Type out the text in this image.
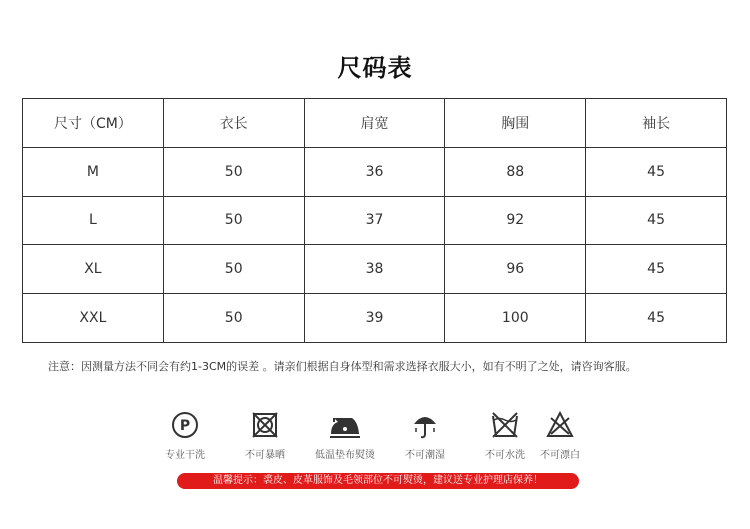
尺码表
尺寸（CM）	衣长	肩宽	胸围	袖长
M	50	36	88	45
L	50	37	92	45
XL	50	38	96	45
XXL	50	39	100	45
注意：因测量方法不同会有约1-3CM的误差 。请亲们根据自身体型和需求选择衣服大小，如有不明了之处，请咨询客服。
P
专业干洗	不可暴晒	低温垫布熨烫	不可潮湿	不可水洗	不可漂白
温馨提示：裘皮、皮革服饰及毛领部位不可熨烫，建议送专业护理店保养！
